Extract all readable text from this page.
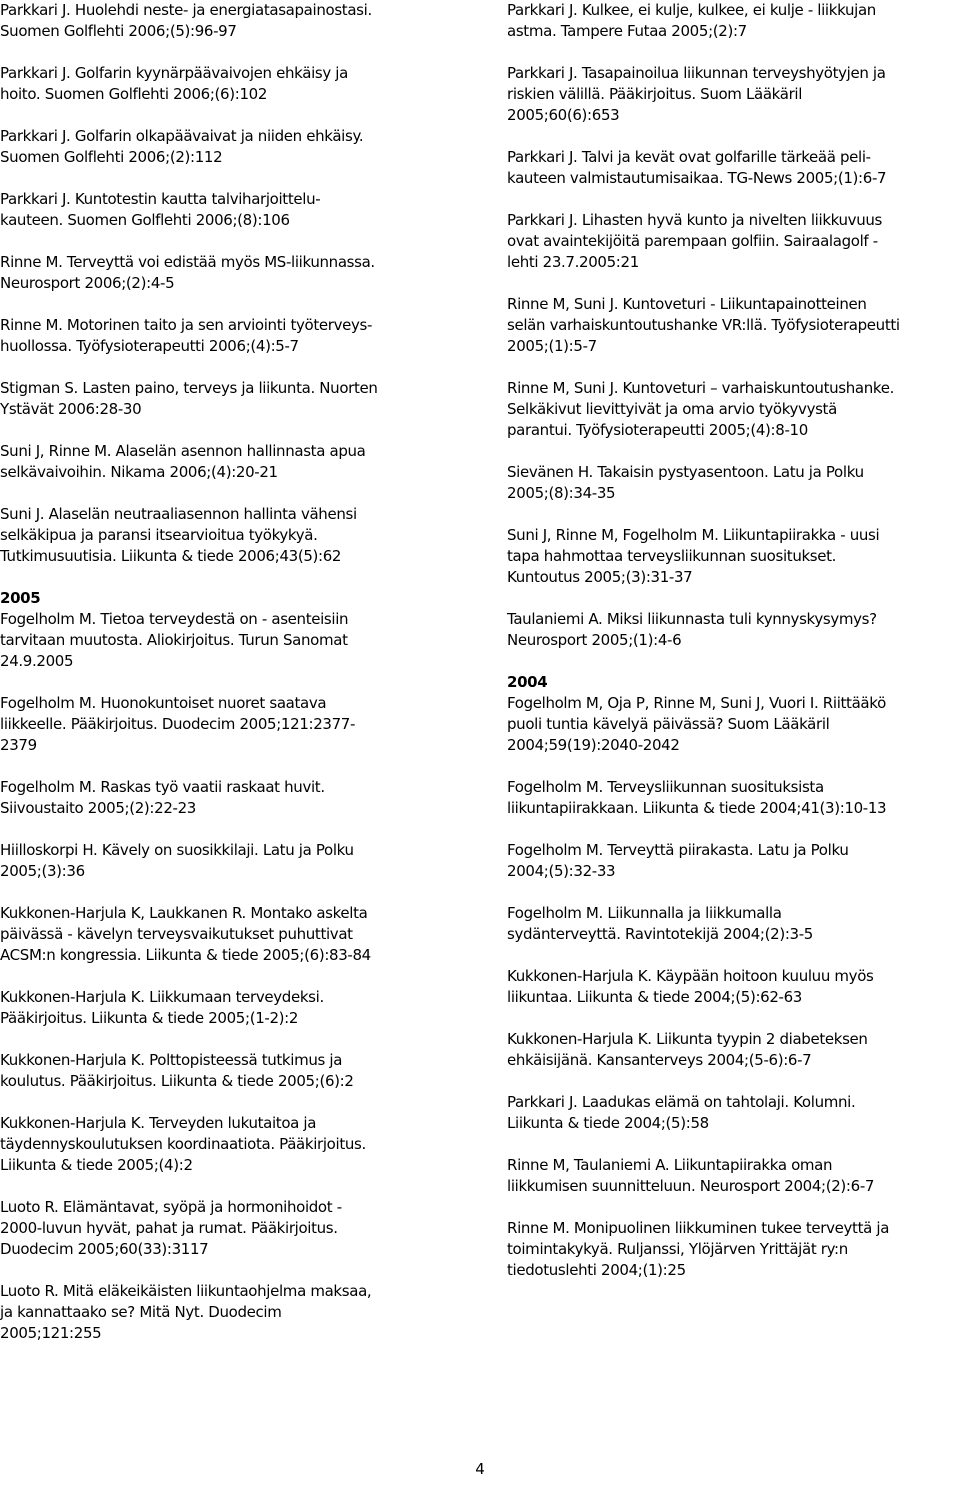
Parkkari J. Huolehdi neste- ja energiatasapainostasi.
Suomen Golflehti 2006;(5):96-97

Parkkari J. Golfarin kyynärpäävaivojen ehkäisy ja
hoito. Suomen Golflehti 2006;(6):102

Parkkari J. Golfarin olkapäävaivat ja niiden ehkäisy.
Suomen Golflehti 2006;(2):112

Parkkari J. Kuntotestin kautta talviharjoittelu-
kauteen. Suomen Golflehti 2006;(8):106

Rinne M. Terveyttä voi edistää myös MS-liikunnassa.
Neurosport 2006;(2):4-5

Rinne M. Motorinen taito ja sen arviointi työterveys-
huollossa. Työfysioterapeutti 2006;(4):5-7

Stigman S. Lasten paino, terveys ja liikunta. Nuorten
Ystävät 2006:28-30

Suni J, Rinne M. Alaselän asennon hallinnasta apua
selkävaivoihin. Nikama 2006;(4):20-21

Suni J. Alaselän neutraaliasennon hallinta vähensi
selkäkipua ja paransi itsearvioitua työkykyä.
Tutkimusuutisia. Liikunta & tiede 2006;43(5):62

2005

Fogelholm M. Tietoa terveydestä on - asenteisiin
tarvitaan muutosta. Aliokirjoitus. Turun Sanomat
24.9.2005

Fogelholm M. Huonokuntoiset nuoret saatava
liikkeelle. Pääkirjoitus. Duodecim 2005;121:2377-
2379

Fogelholm M. Raskas työ vaatii raskaat huvit.
Siivoustaito 2005;(2):22-23

Hiilloskorpi H. Kävely on suosikkilaji. Latu ja Polku
2005;(3):36

Kukkonen-Harjula K, Laukkanen R. Montako askelta
päivässä - kävelyn terveysvaikutukset puhuttivat
ACSM:n kongressia. Liikunta & tiede 2005;(6):83-84

Kukkonen-Harjula K. Liikkumaan terveydeksi.
Pääkirjoitus. Liikunta & tiede 2005;(1-2):2

Kukkonen-Harjula K. Polttopisteessä tutkimus ja
koulutus. Pääkirjoitus. Liikunta & tiede 2005;(6):2

Kukkonen-Harjula K. Terveyden lukutaitoa ja
täydennyskoulutuksen koordinaatiota. Pääkirjoitus.
Liikunta & tiede 2005;(4):2

Luoto R. Elämäntavat, syöpä ja hormonihoidot -
2000-luvun hyvät, pahat ja rumat. Pääkirjoitus.
Duodecim 2005;60(33):3117

Luoto R. Mitä eläkeikäisten liikuntaohjelma maksaa,
ja kannattaako se? Mitä Nyt. Duodecim
2005;121:255

Parkkari J. Kulkee, ei kulje, kulkee, ei kulje - liikkujan
astma. Tampere Futaa 2005;(2):7

Parkkari J. Tasapainoilua liikunnan terveyshyötyjen ja
riskien välillä. Pääkirjoitus. Suom Lääkäril
2005;60(6):653

Parkkari J. Talvi ja kevät ovat golfarille tärkeää peli-
kauteen valmistautumisaikaa. TG-News 2005;(1):6-7

Parkkari J. Lihasten hyvä kunto ja nivelten liikkuvuus
ovat avaintekijöitä parempaan golfiin. Sairaalagolf -
lehti 23.7.2005:21

Rinne M, Suni J. Kuntoveturi - Liikuntapainotteinen
selän varhaiskuntoutushanke VR:llä. Työfysioterapeutti
2005;(1):5-7

Rinne M, Suni J. Kuntoveturi – varhaiskuntoutushanke.
Selkäkivut lievittyivät ja oma arvio työkyvystä
parantui. Työfysioterapeutti 2005;(4):8-10

Sievänen H. Takaisin pystyasentoon. Latu ja Polku
2005;(8):34-35

Suni J, Rinne M, Fogelholm M. Liikuntapiirakka - uusi
tapa hahmottaa terveysliikunnan suositukset.
Kuntoutus 2005;(3):31-37

Taulaniemi A. Miksi liikunnasta tuli kynnyskysymys?
Neurosport 2005;(1):4-6

2004

Fogelholm M, Oja P, Rinne M, Suni J, Vuori I. Riittääkö
puoli tuntia kävelyä päivässä? Suom Lääkäril
2004;59(19):2040-2042

Fogelholm M. Terveysliikunnan suosituksista
liikuntapiirakkaan. Liikunta & tiede 2004;41(3):10-13

Fogelholm M. Terveyttä piirakasta. Latu ja Polku
2004;(5):32-33

Fogelholm M. Liikunnalla ja liikkumalla
sydänterveyttä. Ravintotekijä 2004;(2):3-5

Kukkonen-Harjula K. Käypään hoitoon kuuluu myös
liikuntaa. Liikunta & tiede 2004;(5):62-63

Kukkonen-Harjula K. Liikunta tyypin 2 diabeteksen
ehkäisijänä. Kansanterveys 2004;(5-6):6-7

Parkkari J. Laadukas elämä on tahtolaji. Kolumni.
Liikunta & tiede 2004;(5):58

Rinne M, Taulaniemi A. Liikuntapiirakka oman
liikkumisen suunnitteluun. Neurosport 2004;(2):6-7

Rinne M. Monipuolinen liikkuminen tukee terveyttä ja
toimintakykyä. Ruljanssi, Ylöjärven Yrittäjät ry:n
tiedotuslehti 2004;(1):25

4
